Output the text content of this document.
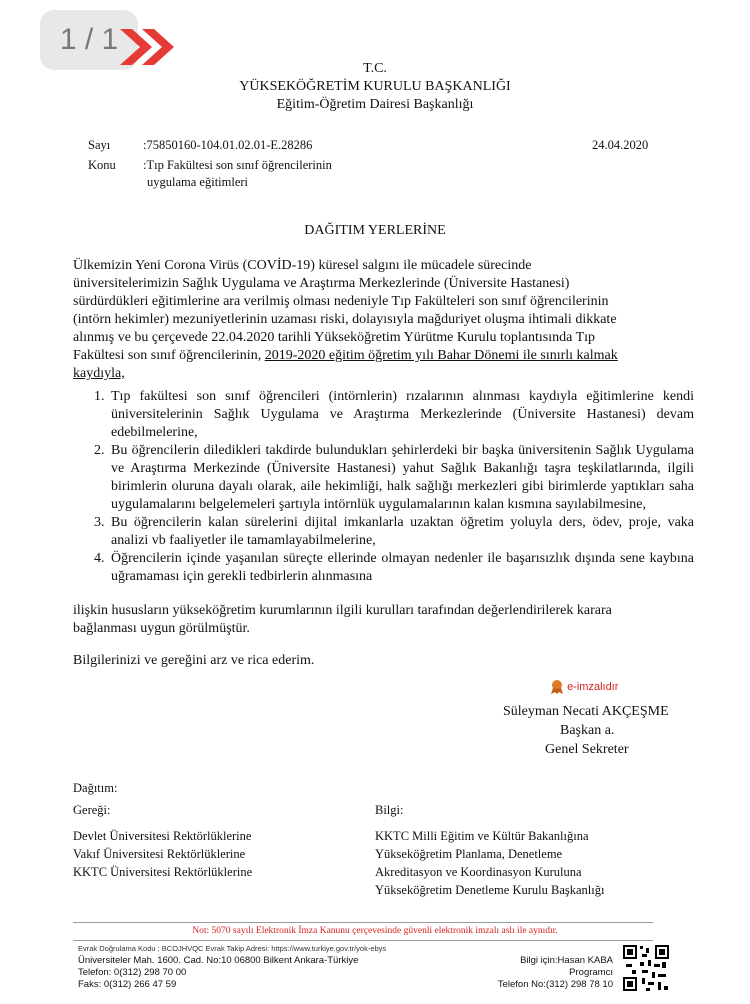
1 / 1
T.C.
YÜKSEKÖĞRETİM KURULU BAŞKANLIĞI
Eğitim-Öğretim Dairesi Başkanlığı
Sayı	:75850160-104.01.02.01-E.28286	24.04.2020
Konu :Tıp Fakültesi son sınıf öğrencilerinin
uygulama eğitimleri
DAĞITIM YERLERİNE
Ülkemizin Yeni Corona Virüs (COVİD-19) küresel salgını ile mücadele sürecinde
üniversitelerimizin Sağlık Uygulama ve Araştırma Merkezlerinde (Üniversite Hastanesi)
sürdürdükleri eğitimlerine ara verilmiş olması nedeniyle Tıp Fakülteleri son sınıf öğrencilerinin
(intörn hekimler) mezuniyetlerinin uzaması riski, dolayısıyla mağduriyet oluşma ihtimali dikkate
alınmış ve bu çerçevede 22.04.2020 tarihli Yükseköğretim Yürütme Kurulu toplantısında Tıp
Fakültesi son sınıf öğrencilerinin, 2019-2020 eğitim öğretim yılı Bahar Dönemi ile sınırlı kalmak
kaydıyla,
1. Tıp fakültesi son sınıf öğrencileri (intörnlerin) rızalarının alınması kaydıyla eğitimlerine kendi üniversitelerinin Sağlık Uygulama ve Araştırma Merkezlerinde (Üniversite Hastanesi) devam edebilmelerine,
2. Bu öğrencilerin diledikleri takdirde bulundukları şehirlerdeki bir başka üniversitenin Sağlık Uygulama ve Araştırma Merkezinde (Üniversite Hastanesi) yahut Sağlık Bakanlığı taşra teşkilatlarında, ilgili birimlerin oluruna dayalı olarak, aile hekimliği, halk sağlığı merkezleri gibi birimlerde yaptıkları saha uygulamalarını belgelemeleri şartıyla intörnlük uygulamalarının kalan kısmına sayılabilmesine,
3. Bu öğrencilerin kalan sürelerini dijital imkanlarla uzaktan öğretim yoluyla ders, ödev, proje, vaka analizi vb faaliyetler ile tamamlayabilmelerine,
4. Öğrencilerin içinde yaşanılan süreçte ellerinde olmayan nedenler ile başarısızlık dışında sene kaybına uğramaması için gerekli tedbirlerin alınmasına
ilişkin hususların yükseköğretim kurumlarının ilgili kurulları tarafından değerlendirilerek karara
bağlanması uygun görülmüştür.
Bilgilerinizi ve gereğini arz ve rica ederim.
e-imzalıdır
Süleyman Necati AKÇEŞME
Başkan a.
Genel Sekreter
Dağıtım:
Gereği:
Devlet Üniversitesi Rektörlüklerine
Vakıf Üniversitesi Rektörlüklerine
KKTC Üniversitesi Rektörlüklerine
Bilgi:
KKTC Milli Eğitim ve Kültür Bakanlığına
Yükseköğretim Planlama, Denetleme
Akreditasyon ve Koordinasyon Kuruluna
Yükseköğretim Denetleme Kurulu Başkanlığı
Not: 5070 sayılı Elektronik İmza Kanunu çerçevesinde güvenli elektronik imzalı aslı ile aynıdır.
Evrak Doğrulama Kodu : BCOJHVQC Evrak Takip Adresi: https://www.turkiye.gov.tr/yok-ebys
Üniversiteler Mah. 1600. Cad. No:10 06800 Bilkent Ankara-Türkiye
Telefon: 0(312) 298 70 00
Faks: 0(312) 266 47 59
Bilgi için:Hasan KABA
Programcı
Telefon No:(312) 298 78 10
